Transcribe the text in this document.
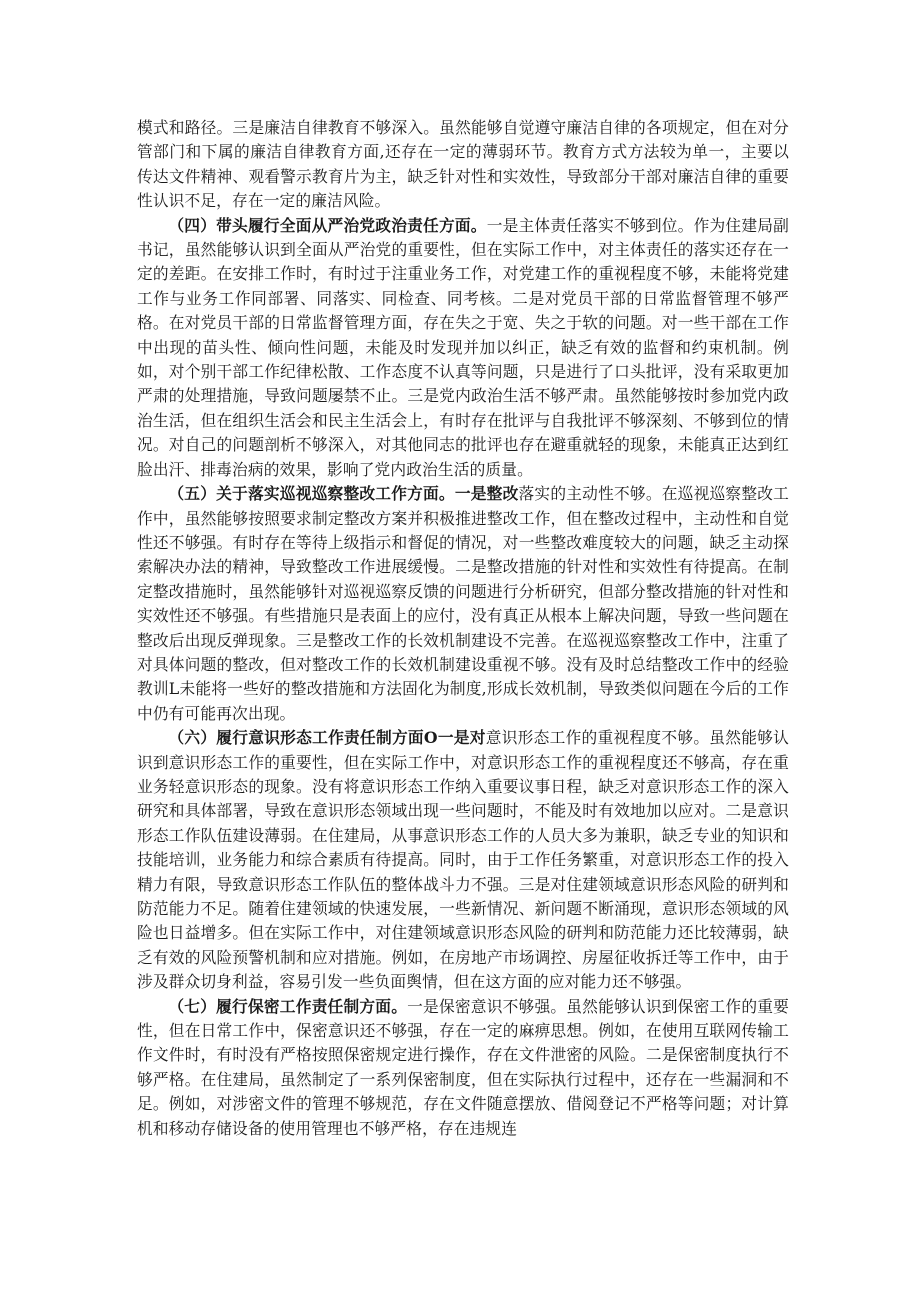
模式和路径。三是廉洁自律教育不够深入。虽然能够自觉遵守廉洁自律的各项规定，但在对分管部门和下属的廉洁自律教育方面,还存在一定的薄弱环节。教育方式方法较为单一，主要以传达文件精神、观看警示教育片为主，缺乏针对性和实效性，导致部分干部对廉洁自律的重要性认识不足，存在一定的廉洁风险。

（四）带头履行全面从严治党政治责任方面。一是主体责任落实不够到位。作为住建局副书记，虽然能够认识到全面从严治党的重要性，但在实际工作中，对主体责任的落实还存在一定的差距。在安排工作时，有时过于注重业务工作，对党建工作的重视程度不够，未能将党建工作与业务工作同部署、同落实、同检查、同考核。二是对党员干部的日常监督管理不够严格。在对党员干部的日常监督管理方面，存在失之于宽、失之于软的问题。对一些干部在工作中出现的苗头性、倾向性问题，未能及时发现并加以纠正，缺乏有效的监督和约束机制。例如，对个别干部工作纪律松散、工作态度不认真等问题，只是进行了口头批评，没有采取更加严肃的处理措施，导致问题屡禁不止。三是党内政治生活不够严肃。虽然能够按时参加党内政治生活，但在组织生活会和民主生活会上，有时存在批评与自我批评不够深刻、不够到位的情况。对自己的问题剖析不够深入，对其他同志的批评也存在避重就轻的现象，未能真正达到红脸出汗、排毒治病的效果，影响了党内政治生活的质量。

（五）关于落实巡视巡察整改工作方面。一是整改落实的主动性不够。在巡视巡察整改工作中，虽然能够按照要求制定整改方案并积极推进整改工作，但在整改过程中，主动性和自觉性还不够强。有时存在等待上级指示和督促的情况，对一些整改难度较大的问题，缺乏主动探索解决办法的精神，导致整改工作进展缓慢。二是整改措施的针对性和实效性有待提高。在制定整改措施时，虽然能够针对巡视巡察反馈的问题进行分析研究，但部分整改措施的针对性和实效性还不够强。有些措施只是表面上的应付，没有真正从根本上解决问题，导致一些问题在整改后出现反弹现象。三是整改工作的长效机制建设不完善。在巡视巡察整改工作中，注重了对具体问题的整改，但对整改工作的长效机制建设重视不够。没有及时总结整改工作中的经验教训L未能将一些好的整改措施和方法固化为制度,形成长效机制，导致类似问题在今后的工作中仍有可能再次出现。

（六）履行意识形态工作责任制方面O一是对意识形态工作的重视程度不够。虽然能够认识到意识形态工作的重要性，但在实际工作中，对意识形态工作的重视程度还不够高，存在重业务轻意识形态的现象。没有将意识形态工作纳入重要议事日程，缺乏对意识形态工作的深入研究和具体部署，导致在意识形态领域出现一些问题时，不能及时有效地加以应对。二是意识形态工作队伍建设薄弱。在住建局，从事意识形态工作的人员大多为兼职，缺乏专业的知识和技能培训，业务能力和综合素质有待提高。同时，由于工作任务繁重，对意识形态工作的投入精力有限，导致意识形态工作队伍的整体战斗力不强。三是对住建领域意识形态风险的研判和防范能力不足。随着住建领域的快速发展，一些新情况、新问题不断涌现，意识形态领域的风险也日益增多。但在实际工作中，对住建领域意识形态风险的研判和防范能力还比较薄弱，缺乏有效的风险预警机制和应对措施。例如，在房地产市场调控、房屋征收拆迁等工作中，由于涉及群众切身利益，容易引发一些负面舆情，但在这方面的应对能力还不够强。

（七）履行保密工作责任制方面。一是保密意识不够强。虽然能够认识到保密工作的重要性，但在日常工作中，保密意识还不够强，存在一定的麻痹思想。例如，在使用互联网传输工作文件时，有时没有严格按照保密规定进行操作，存在文件泄密的风险。二是保密制度执行不够严格。在住建局，虽然制定了一系列保密制度，但在实际执行过程中，还存在一些漏洞和不足。例如，对涉密文件的管理不够规范，存在文件随意摆放、借阅登记不严格等问题；对计算机和移动存储设备的使用管理也不够严格，存在违规连
